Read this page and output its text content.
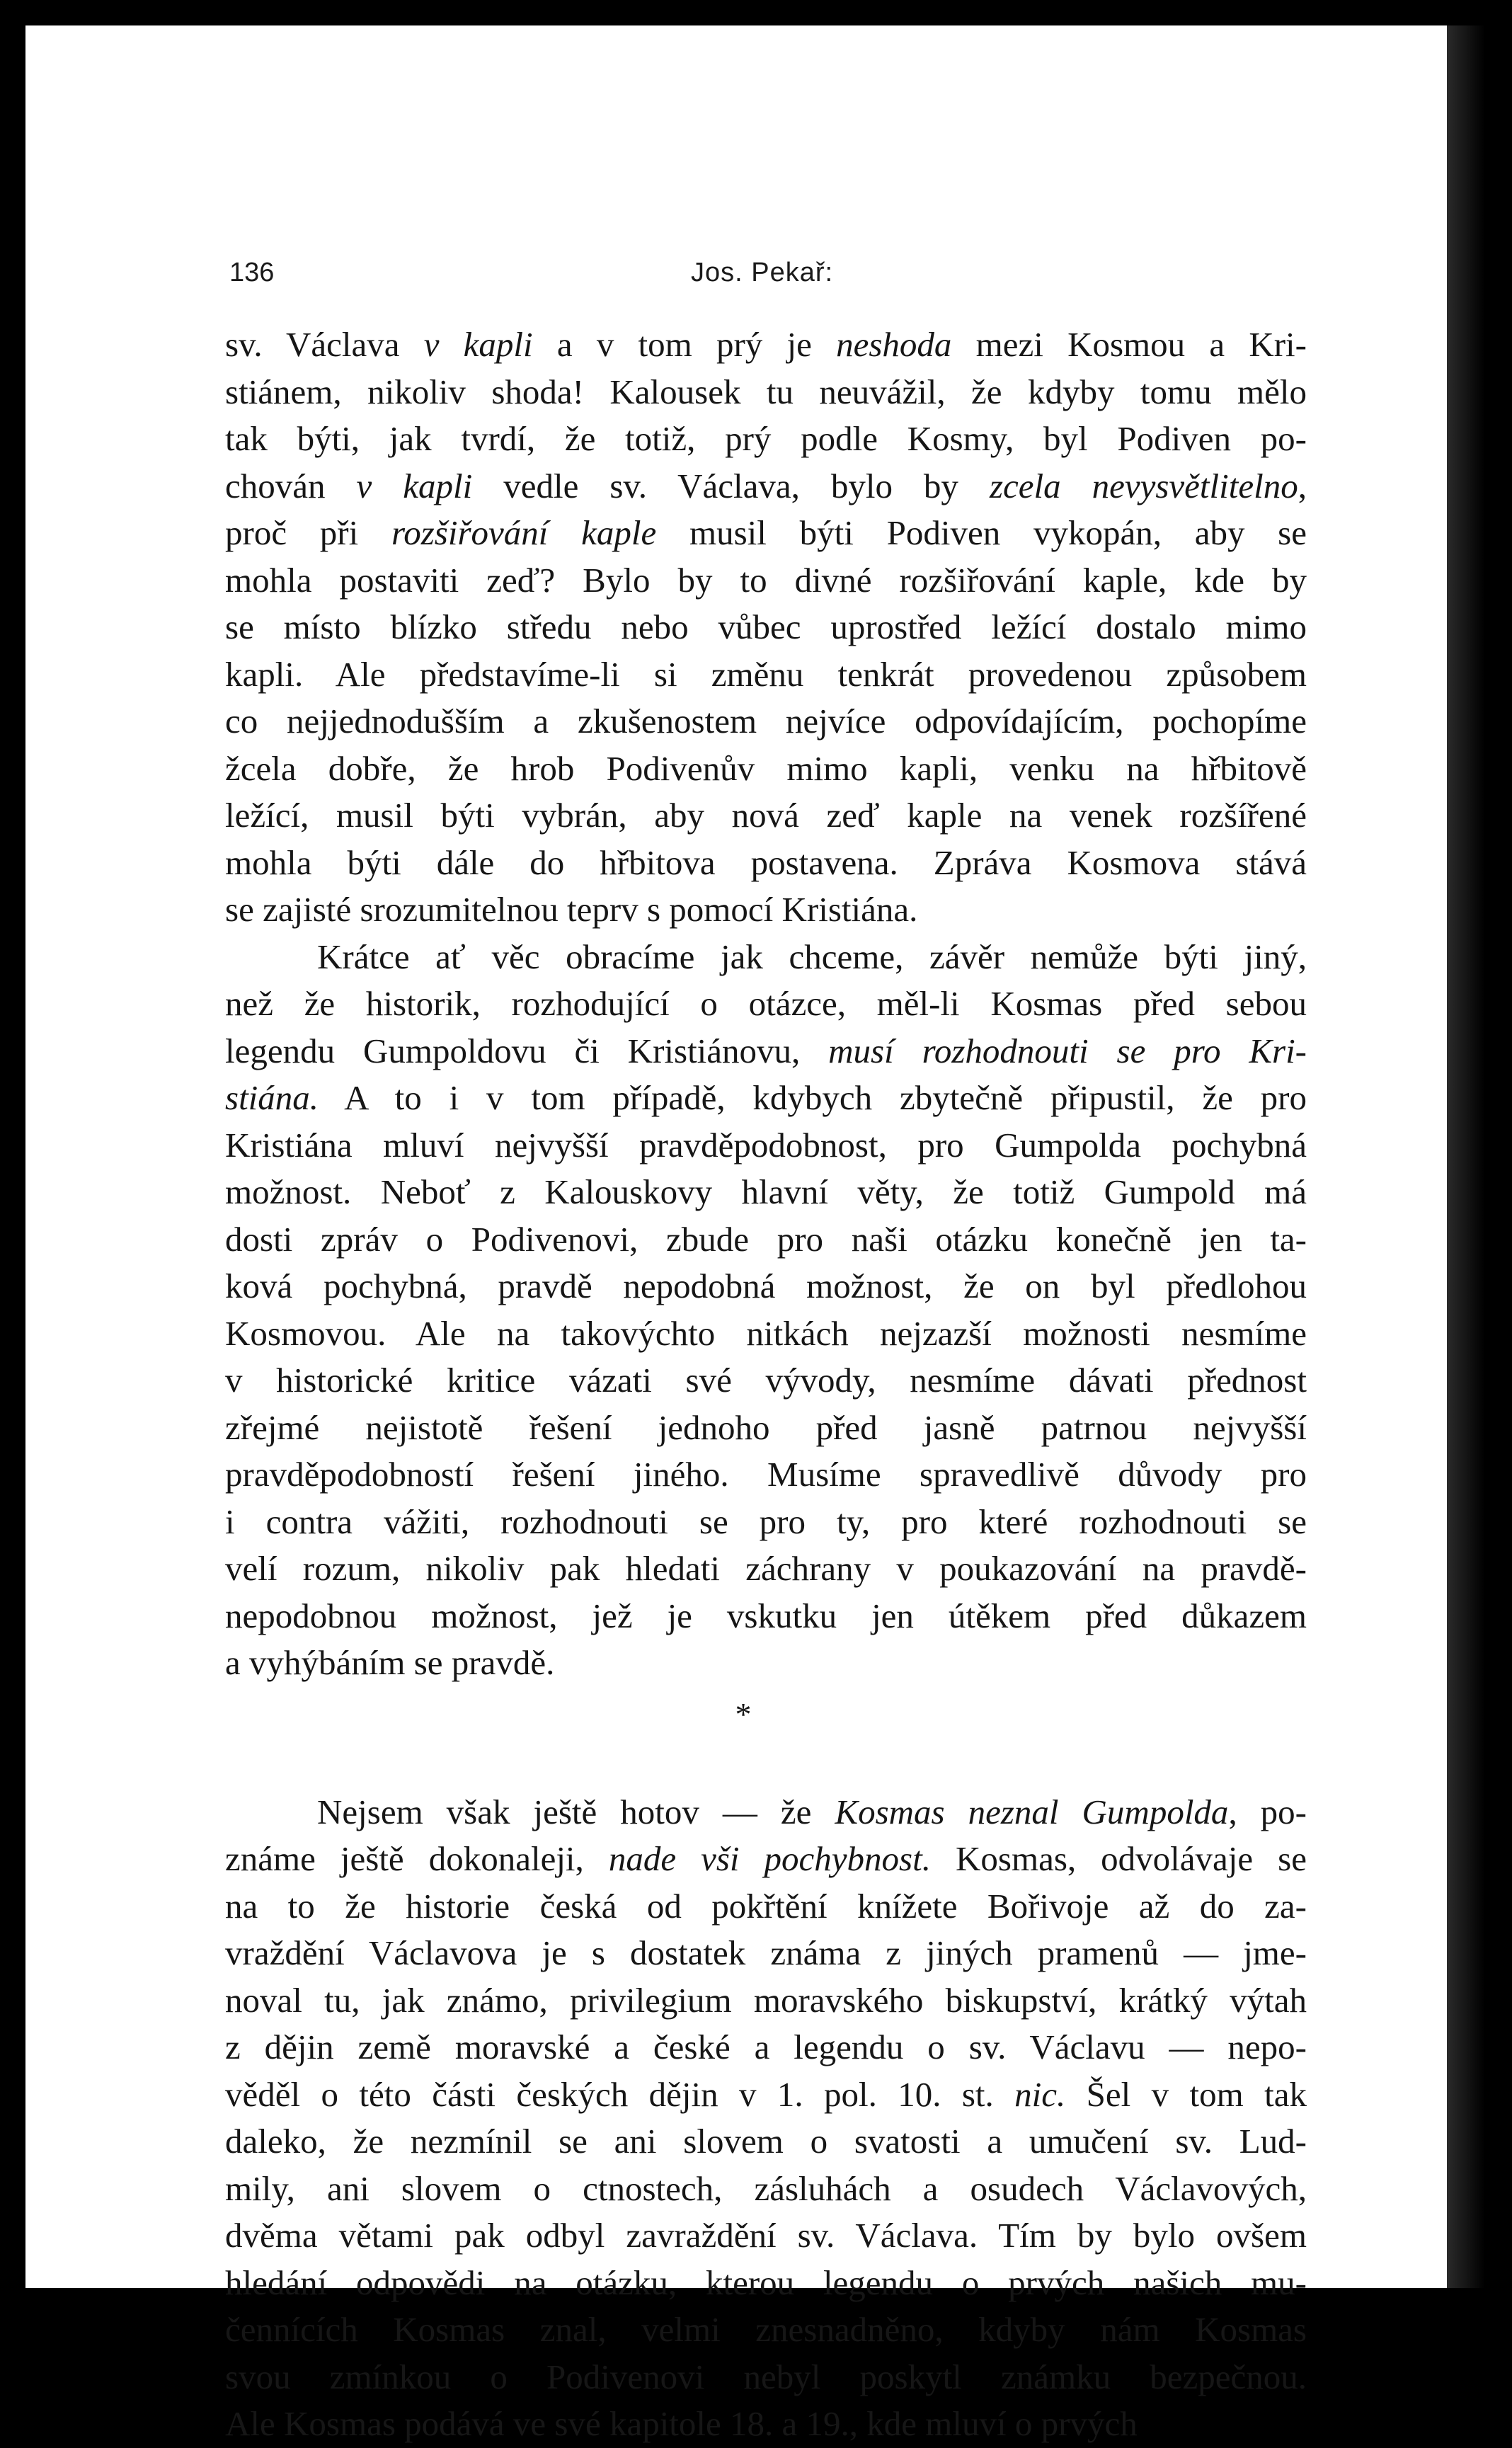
136	Jos. Pekař:
sv. Václava v kapli a v tom prý je neshoda mezi Kosmou a Kri-
stiánem, nikoliv shoda! Kalousek tu neuvážil, že kdyby tomu mělo
tak býti, jak tvrdí, že totiž, prý podle Kosmy, byl Podiven po-
chován v kapli vedle sv. Václava, bylo by zcela nevysvětlitelno,
proč při rozšiřování kaple musil býti Podiven vykopán, aby se
mohla postaviti zeď? Bylo by to divné rozšiřování kaple, kde by
se místo blízko středu nebo vůbec uprostřed ležící dostalo mimo
kapli. Ale představíme-li si změnu tenkrát provedenou způsobem
co nejjednodušším a zkušenostem nejvíce odpovídajícím, pochopíme
žcela dobře, že hrob Podivenův mimo kapli, venku na hřbitově
ležící, musil býti vybrán, aby nová zeď kaple na venek rozšířené
mohla býti dále do hřbitova postavena. Zpráva Kosmova stává
se zajisté srozumitelnou teprv s pomocí Kristiána.
Krátce ať věc obracíme jak chceme, závěr nemůže býti jiný,
než že historik, rozhodující o otázce, měl-li Kosmas před sebou
legendu Gumpoldovu či Kristiánovu, musí rozhodnouti se pro Kri-
stiána. A to i v tom případě, kdybych zbytečně připustil, že pro
Kristiána mluví nejvyšší pravděpodobnost, pro Gumpolda pochybná
možnost. Neboť z Kalouskovy hlavní věty, že totiž Gumpold má
dosti zpráv o Podivenovi, zbude pro naši otázku konečně jen ta-
ková pochybná, pravdě nepodobná možnost, že on byl předlohou
Kosmovou. Ale na takovýchto nitkách nejzazší možnosti nesmíme
v historické kritice vázati své vývody, nesmíme dávati přednost
zřejmé nejistotě řešení jednoho před jasně patrnou nejvyšší
pravděpodobností řešení jiného. Musíme spravedlivě důvody pro
i contra vážiti, rozhodnouti se pro ty, pro které rozhodnouti se
velí rozum, nikoliv pak hledati záchrany v poukazování na pravdě-
nepodobnou možnost, jež je vskutku jen útěkem před důkazem
a vyhýbáním se pravdě.
Nejsem však ještě hotov — že Kosmas neznal Gumpolda, po-
známe ještě dokonaleji, nade vši pochybnost. Kosmas, odvolávaje se
na to že historie česká od pokřtění knížete Bořivoje až do za-
vraždění Václavova je s dostatek známa z jiných pramenů — jme-
noval tu, jak známo, privilegium moravského biskupství, krátký výtah
z dějin země moravské a české a legendu o sv. Václavu — nepo-
věděl o této části českých dějin v 1. pol. 10. st. nic. Šel v tom tak
daleko, že nezmínil se ani slovem o svatosti a umučení sv. Lud-
mily, ani slovem o ctnostech, zásluhách a osudech Václavových,
dvěma větami pak odbyl zavraždění sv. Václava. Tím by bylo ovšem
hledání odpovědi na otázku, kterou legendu o prvých našich mu-
čennících Kosmas znal, velmi znesnadněno, kdyby nám Kosmas
svou zmínkou o Podivenovi nebyl poskytl známku bezpečnou.
Ale Kosmas podává ve své kapitole 18. a 19., kde mluví o prvých
*
